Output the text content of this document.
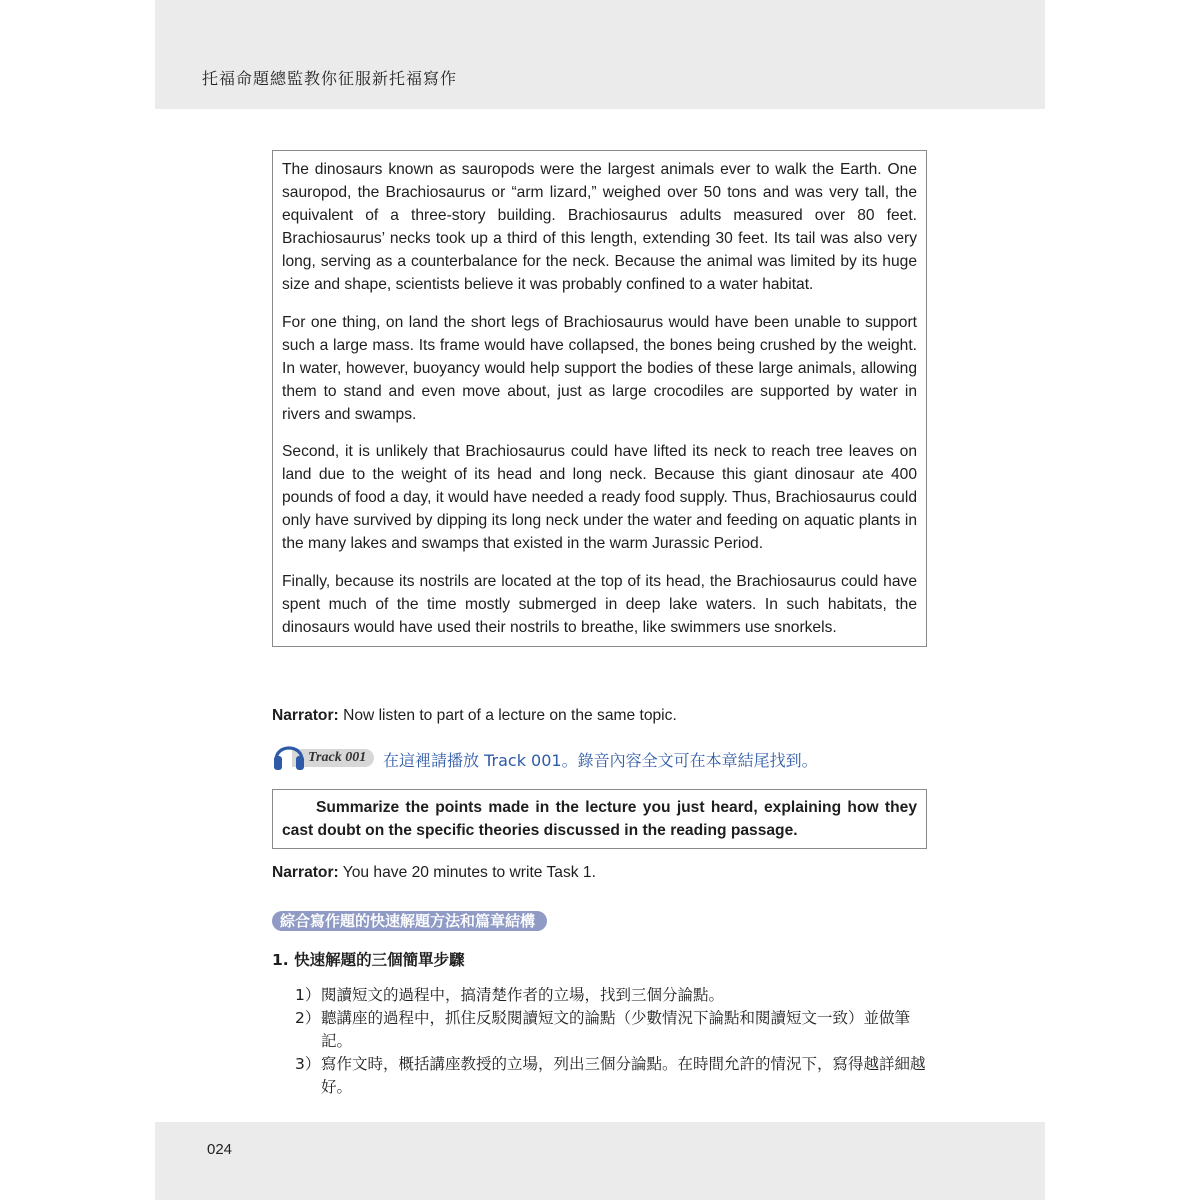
托福命題總監教你征服新托福寫作

The dinosaurs known as sauropods were the largest animals ever to walk the Earth. One sauropod, the Brachiosaurus or “arm lizard,” weighed over 50 tons and was very tall, the equivalent of a three-story building. Brachiosaurus adults measured over 80 feet. Brachiosaurus’ necks took up a third of this length, extending 30 feet. Its tail was also very long, serving as a counterbalance for the neck. Because the animal was limited by its huge size and shape, scientists believe it was probably confined to a water habitat.

For one thing, on land the short legs of Brachiosaurus would have been unable to support such a large mass. Its frame would have collapsed, the bones being crushed by the weight. In water, however, buoyancy would help support the bodies of these large animals, allowing them to stand and even move about, just as large crocodiles are supported by water in rivers and swamps.

Second, it is unlikely that Brachiosaurus could have lifted its neck to reach tree leaves on land due to the weight of its head and long neck. Because this giant dinosaur ate 400 pounds of food a day, it would have needed a ready food supply. Thus, Brachiosaurus could only have survived by dipping its long neck under the water and feeding on aquatic plants in the many lakes and swamps that existed in the warm Jurassic Period.

Finally, because its nostrils are located at the top of its head, the Brachiosaurus could have spent much of the time mostly submerged in deep lake waters. In such habitats, the dinosaurs would have used their nostrils to breathe, like swimmers use snorkels.

Narrator: Now listen to part of a lecture on the same topic.
Track 001	在這裡請播放 Track 001。錄音內容全文可在本章結尾找到。
Summarize the points made in the lecture you just heard, explaining how they cast doubt on the specific theories discussed in the reading passage.
Narrator: You have 20 minutes to write Task 1.
綜合寫作題的快速解題方法和篇章結構
1. 快速解題的三個簡單步驟

1） 閱讀短文的過程中，搞清楚作者的立場，找到三個分論點。

2） 聽講座的過程中，抓住反駁閱讀短文的論點（少數情況下論點和閱讀短文一致）並做筆記。

3） 寫作文時，概括講座教授的立場，列出三個分論點。在時間允許的情況下，寫得越詳細越好。

024
